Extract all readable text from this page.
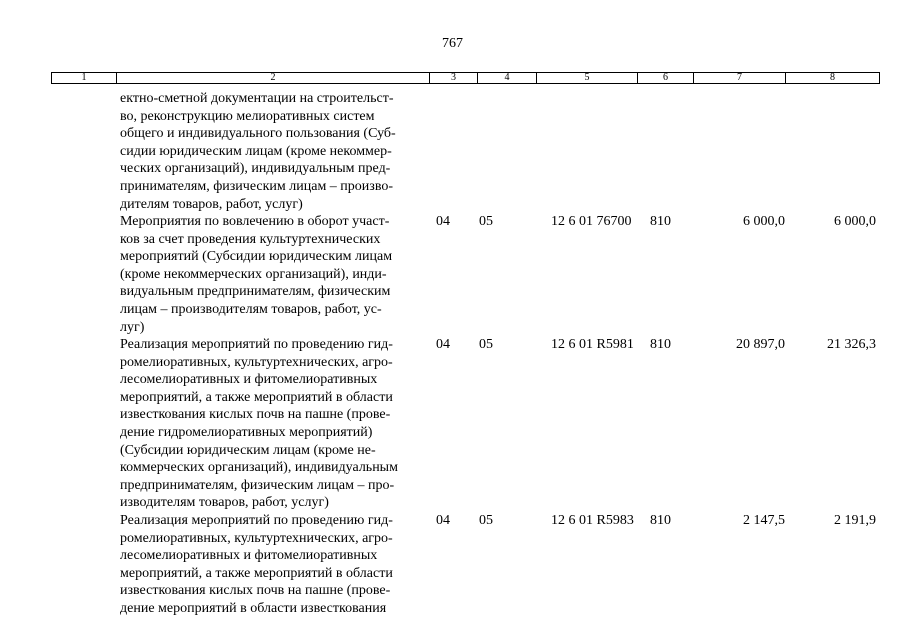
767
1	2	3	4	5	6	7	8
ектно-сметной документации на строительст-
во, реконструкцию мелиоративных систем
общего и индивидуального пользования (Суб-
сидии юридическим лицам (кроме некоммер-
ческих организаций), индивидуальным пред-
принимателям, физическим лицам – произво-
дителям товаров, работ, услуг)
Мероприятия по вовлечению в оборот участ-
ков за счет проведения культуртехнических
мероприятий (Субсидии юридическим лицам
(кроме некоммерческих организаций), инди-
видуальным предпринимателям, физическим
лицам – производителям товаров, работ, ус-
луг)
04 05	12 6 01 76700 810	6 000,0	6 000,0
Реализация мероприятий по проведению гид-
ромелиоративных, культуртехнических, агро-
лесомелиоративных и фитомелиоративных
мероприятий, а также мероприятий в области
известкования кислых почв на пашне (прове-
дение гидромелиоративных мероприятий)
(Субсидии юридическим лицам (кроме не-
коммерческих организаций), индивидуальным
предпринимателям, физическим лицам – про-
изводителям товаров, работ, услуг)
04 05	12 6 01 R5981 810	20 897,0	21 326,3
Реализация мероприятий по проведению гид-
ромелиоративных, культуртехнических, агро-
лесомелиоративных и фитомелиоративных
мероприятий, а также мероприятий в области
известкования кислых почв на пашне (прове-
дение мероприятий в области известкования
04 05	12 6 01 R5983 810	2 147,5	2 191,9
